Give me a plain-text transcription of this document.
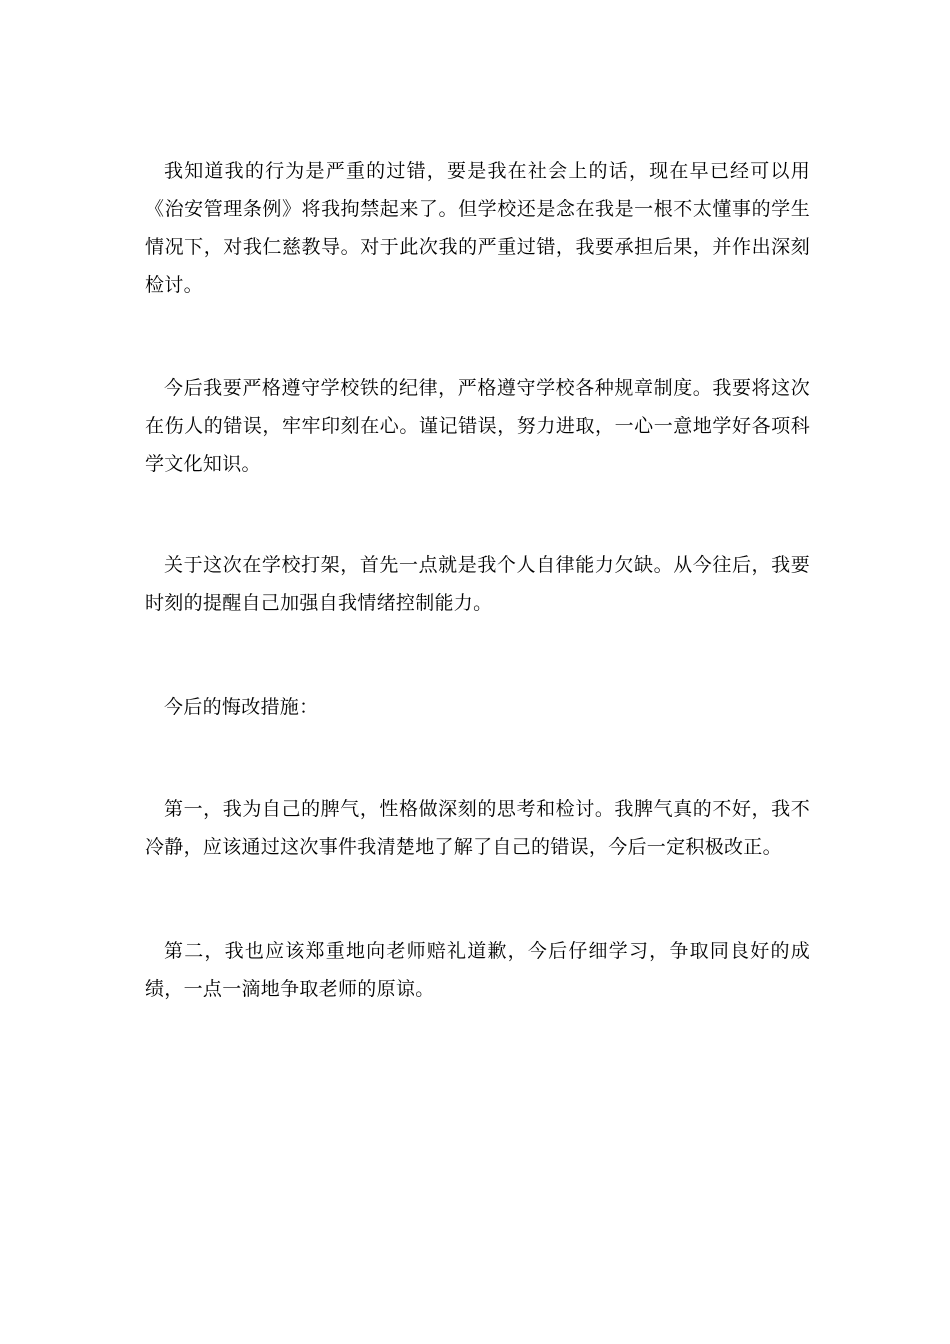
我知道我的行为是严重的过错，要是我在社会上的话，现在早已经可以用《治安管理条例》将我拘禁起来了。但学校还是念在我是一根不太懂事的学生情况下，对我仁慈教导。对于此次我的严重过错，我要承担后果，并作出深刻检讨。

今后我要严格遵守学校铁的纪律，严格遵守学校各种规章制度。我要将这次在伤人的错误，牢牢印刻在心。谨记错误，努力进取，一心一意地学好各项科学文化知识。

关于这次在学校打架，首先一点就是我个人自律能力欠缺。从今往后，我要时刻的提醒自己加强自我情绪控制能力。

今后的悔改措施：

第一，我为自己的脾气，性格做深刻的思考和检讨。我脾气真的不好，我不冷静，应该通过这次事件我清楚地了解了自己的错误，今后一定积极改正。

第二，我也应该郑重地向老师赔礼道歉，今后仔细学习，争取同良好的成绩，一点一滴地争取老师的原谅。
